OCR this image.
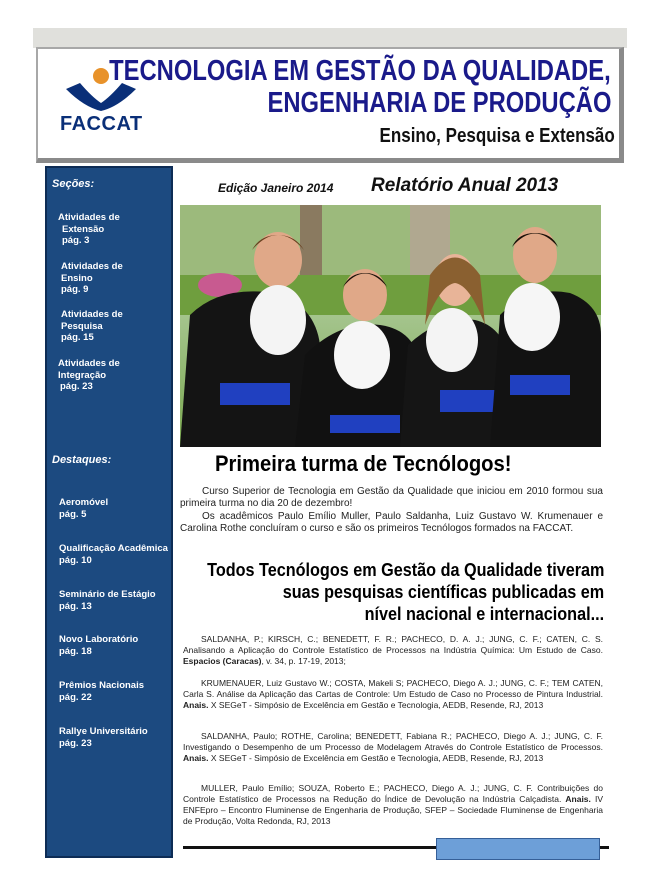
FACCAT
TECNOLOGIA EM GESTÃO DA QUALIDADE,
ENGENHARIA DE PRODUÇÃO
Ensino, Pesquisa e Extensão
Seções:
Atividades de
Extensão
pág. 3
Atividades de
Ensino
pág. 9
Atividades de
Pesquisa
pág. 15
Atividades de
Integração
pág. 23
Destaques:
Aeromóvel
pág. 5
Qualificação Acadêmica
pág. 10
Seminário de Estágio
pág. 13
Novo Laboratório
pág. 18
Prêmios Nacionais
pág. 22
Rallye Universitário
pág. 23
Edição Janeiro 2014 Relatório Anual 2013
Primeira turma de Tecnólogos!
Curso Superior de Tecnologia em Gestão da Qualidade que iniciou em 2010 formou sua primeira turma no dia 20 de dezembro!
Os acadêmicos Paulo Emílio Muller, Paulo Saldanha, Luiz Gustavo W. Krumenauer e Carolina Rothe concluíram o curso e são os primeiros Tecnólogos formados na FACCAT.
Todos Tecnólogos em Gestão da Qualidade tiveram
suas pesquisas científicas publicadas em
nível nacional e internacional...
SALDANHA, P.; KIRSCH, C.; BENEDETT, F. R.; PACHECO, D. A. J.; JUNG, C. F.; CATEN, C. S. Analisando a Aplicação do Controle Estatístico de Processos na Indústria Química: Um Estudo de Caso. Espacios (Caracas), v. 34, p. 17-19, 2013;
KRUMENAUER, Luiz Gustavo W.; COSTA, Makeli S; PACHECO, Diego A. J.; JUNG, C. F.; TEM CATEN, Carla S. Análise da Aplicação das Cartas de Controle: Um Estudo de Caso no Processo de Pintura Industrial. Anais. X SEGeT - Simpósio de Excelência em Gestão e Tecnologia, AEDB, Resende, RJ, 2013
SALDANHA, Paulo; ROTHE, Carolina; BENEDETT, Fabiana R.; PACHECO, Diego A. J.; JUNG, C. F. Investigando o Desempenho de um Processo de Modelagem Através do Controle Estatístico de Processos. Anais. X SEGeT - Simpósio de Excelência em Gestão e Tecnologia, AEDB, Resende, RJ, 2013
MULLER, Paulo Emílio; SOUZA, Roberto E.; PACHECO, Diego A. J.; JUNG, C. F. Contribuições do Controle Estatístico de Processos na Redução do Índice de Devolução na Indústria Calçadista. Anais. IV ENFEpro – Encontro Fluminense de Engenharia de Produção, SFEP – Sociedade Fluminense de Engenharia de Produção, Volta Redonda, RJ, 2013
